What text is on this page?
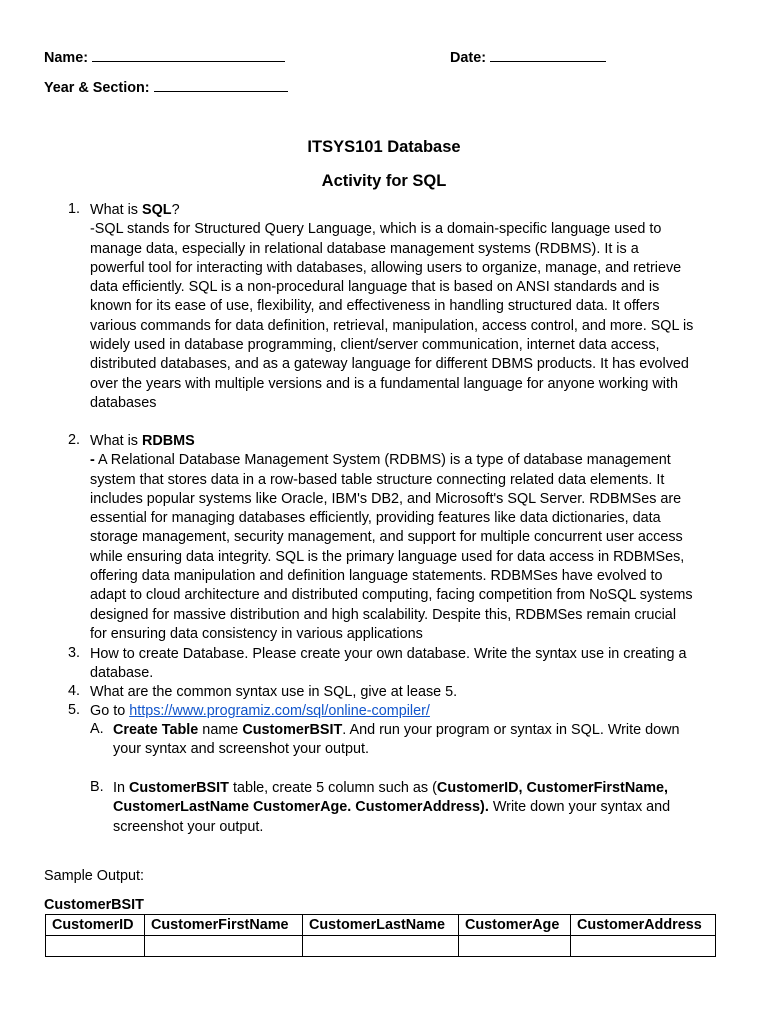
Name:	Date:
Year & Section:
ITSYS101 Database
Activity for SQL
1. What is SQL?
-SQL stands for Structured Query Language, which is a domain-specific language used to
manage data, especially in relational database management systems (RDBMS). It is a
powerful tool for interacting with databases, allowing users to organize, manage, and retrieve
data efficiently. SQL is a non-procedural language that is based on ANSI standards and is
known for its ease of use, flexibility, and effectiveness in handling structured data. It offers
various commands for data definition, retrieval, manipulation, access control, and more. SQL is
widely used in database programming, client/server communication, internet data access,
distributed databases, and as a gateway language for different DBMS products. It has evolved
over the years with multiple versions and is a fundamental language for anyone working with
databases
2. What is RDBMS
- A Relational Database Management System (RDBMS) is a type of database management
system that stores data in a row-based table structure connecting related data elements. It
includes popular systems like Oracle, IBM's DB2, and Microsoft's SQL Server. RDBMSes are
essential for managing databases efficiently, providing features like data dictionaries, data
storage management, security management, and support for multiple concurrent user access
while ensuring data integrity. SQL is the primary language used for data access in RDBMSes,
offering data manipulation and definition language statements. RDBMSes have evolved to
adapt to cloud architecture and distributed computing, facing competition from NoSQL systems
designed for massive distribution and high scalability. Despite this, RDBMSes remain crucial
for ensuring data consistency in various applications
3. How to create Database. Please create your own database. Write the syntax use in creating a
database.
4. What are the common syntax use in SQL, give at lease 5.
5. Go to https://www.programiz.com/sql/online-compiler/
A. Create Table name CustomerBSIT. And run your program or syntax in SQL. Write down
your syntax and screenshot your output.
B. In CustomerBSIT table, create 5 column such as (CustomerID, CustomerFirstName,
CustomerLastName CustomerAge. CustomerAddress). Write down your syntax and
screenshot your output.
Sample Output:
CustomerBSIT
CustomerID	CustomerFirstName	CustomerLastName	CustomerAge	CustomerAddress
